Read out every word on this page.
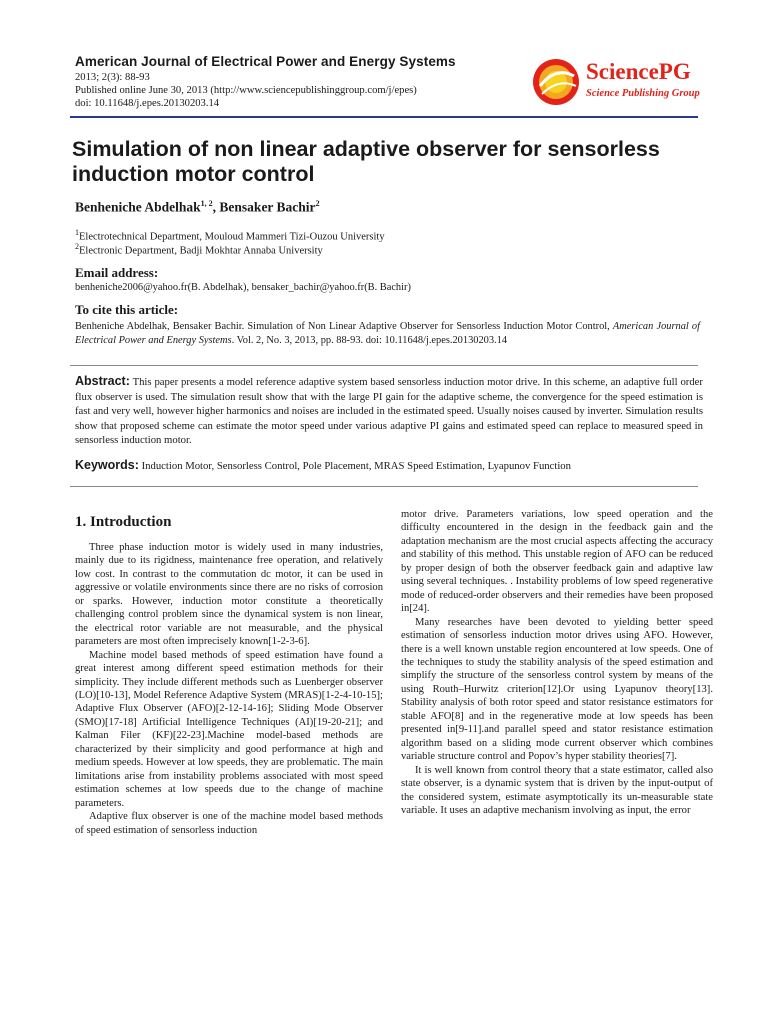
American Journal of Electrical Power and Energy Systems
2013; 2(3): 88-93
Published online June 30, 2013 (http://www.sciencepublishinggroup.com/j/epes)
doi: 10.11648/j.epes.20130203.14
SciencePG
Science Publishing Group
Simulation of non linear adaptive observer for sensorless induction motor control
Benheniche Abdelhak$^{1, 2}$, Bensaker Bachir$^2$
$^1$Electrotechnical Department, Mouloud Mammeri Tizi-Ouzou University
$^2$Electronic Department, Badji Mokhtar Annaba University
Email address:
benheniche2006@yahoo.fr(B. Abdelhak), bensaker_bachir@yahoo.fr(B. Bachir)
To cite this article:
Benheniche Abdelhak, Bensaker Bachir. Simulation of Non Linear Adaptive Observer for Sensorless Induction Motor Control, American Journal of Electrical Power and Energy Systems. Vol. 2, No. 3, 2013, pp. 88-93. doi: 10.11648/j.epes.20130203.14
Abstract: This paper presents a model reference adaptive system based sensorless induction motor drive. In this scheme, an adaptive full order flux observer is used. The simulation result show that with the large PI gain for the adaptive scheme, the convergence for the speed estimation is fast and very well, however higher harmonics and noises are included in the estimated speed. Usually noises caused by inverter. Simulation results show that proposed scheme can estimate the motor speed under various adaptive PI gains and estimated speed can replace to measured speed in sensorless induction motor.
Keywords: Induction Motor, Sensorless Control, Pole Placement, MRAS Speed Estimation, Lyapunov Function
1. Introduction

Three phase induction motor is widely used in many industries, mainly due to its rigidness, maintenance free operation, and relatively low cost. In contrast to the commutation dc motor, it can be used in aggressive or volatile environments since there are no risks of corrosion or sparks. However, induction motor constitute a theoretically challenging control problem since the dynamical system is non linear, the electrical rotor variable are not measurable, and the physical parameters are most often imprecisely known[1-2-3-6].

Machine model based methods of speed estimation have found a great interest among different speed estimation methods for their simplicity. They include different methods such as Luenberger observer (LO)[10-13], Model Reference Adaptive System (MRAS)[1-2-4-10-15]; Adaptive Flux Observer (AFO)[2-12-14-16]; Sliding Mode Observer (SMO)[17-18] Artificial Intelligence Techniques (AI)[19-20-21]; and Kalman Filer (KF)[22-23].Machine model-based methods are characterized by their simplicity and good performance at high and medium speeds. However at low speeds, they are problematic. The main limitations arise from instability problems associated with most speed estimation schemes at low speeds due to the change of machine parameters.

Adaptive flux observer is one of the machine model based methods of speed estimation of sensorless induction

motor drive. Parameters variations, low speed operation and the difficulty encountered in the design in the feedback gain and the adaptation mechanism are the most crucial aspects affecting the accuracy and stability of this method. This unstable region of AFO can be reduced by proper design of both the observer feedback gain and adaptive law using several techniques. . Instability problems of low speed regenerative mode of reduced-order observers and their remedies have been proposed in[24].

Many researches have been devoted to yielding better speed estimation of sensorless induction motor drives using AFO. However, there is a well known unstable region encountered at low speeds. One of the techniques to study the stability analysis of the speed estimation and simplify the structure of the sensorless control system by means of the using Routh–Hurwitz criterion[12].Or using Lyapunov theory[13]. Stability analysis of both rotor speed and stator resistance estimators for stable AFO[8] and in the regenerative mode at low speeds has been presented in[9-11].and parallel speed and stator resistance estimation algorithm based on a sliding mode current observer which combines variable structure control and Popov’s hyper stability theories[7].

It is well known from control theory that a state estimator, called also state observer, is a dynamic system that is driven by the input-output of the considered system, estimate asymptotically its un-measurable state variable. It uses an adaptive mechanism involving as input, the error
